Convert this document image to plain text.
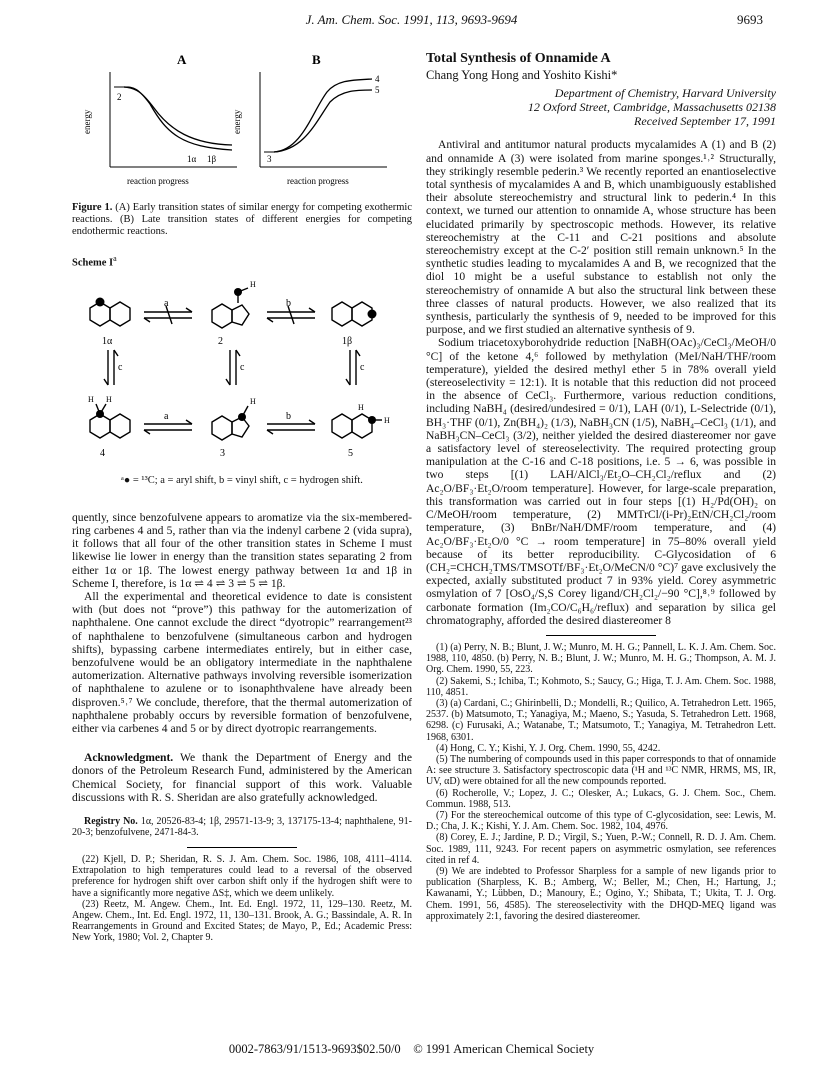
J. Am. Chem. Soc. 1991, 113, 9693-9694	9693
A
energy
2
1α 1β
reaction progress
B
energy
3
4
5
reaction progress

Figure 1. (A) Early transition states of similar energy for competing exothermic reactions. (B) Late transition states of different energies for competing endothermic reactions.

Scheme $I^a$

1α	2	1β
4	3	5
a	b
a	b
c	c	c
H
H
H
H H
H

ᵃ● = ¹³C; a = aryl shift, b = vinyl shift, c = hydrogen shift.

quently, since benzofulvene appears to aromatize via the six-membered-ring carbenes 4 and 5, rather than via the indenyl carbene 2 (vida supra), it follows that all four of the other transition states in Scheme I must likewise lie lower in energy than the transition states separating 2 from either 1α or 1β. The lowest energy pathway between 1α and 1β in Scheme I, therefore, is 1α ⇌ 4 ⇌ 3 ⇌ 5 ⇌ 1β.

All the experimental and theoretical evidence to date is consistent with (but does not “prove”) this pathway for the automerization of naphthalene. One cannot exclude the direct “dyotropic” rearrangement²³ of naphthalene to benzofulvene (simultaneous carbon and hydrogen shifts), bypassing carbene intermediates entirely, but in either case, benzofulvene would be an obligatory intermediate in the naphthalene automerization. Alternative pathways involving reversible isomerization of naphthalene to azulene or to isonaphthvalene have already been disproven.⁵˒⁷ We conclude, therefore, that the thermal automerization of naphthalene probably occurs by reversible formation of benzofulvene, either via carbenes 4 and 5 or by direct dyotropic rearrangements.

Acknowledgment. We thank the Department of Energy and the donors of the Petroleum Research Fund, administered by the American Chemical Society, for financial support of this work. Valuable discussions with R. S. Sheridan are also gratefully acknowledged.

Registry No. 1α, 20526-83-4; 1β, 29571-13-9; 3, 137175-13-4; naphthalene, 91-20-3; benzofulvene, 2471-84-3.

(22) Kjell, D. P.; Sheridan, R. S. J. Am. Chem. Soc. 1986, 108, 4111–4114. Extrapolation to high temperatures could lead to a reversal of the observed preference for hydrogen shift over carbon shift only if the hydrogen shift were to have a significantly more negative ΔS‡, which we deem unlikely.

(23) Reetz, M. Angew. Chem., Int. Ed. Engl. 1972, 11, 129–130. Reetz, M. Angew. Chem., Int. Ed. Engl. 1972, 11, 130–131. Brook, A. G.; Bassindale, A. R. In Rearrangements in Ground and Excited States; de Mayo, P., Ed.; Academic Press: New York, 1980; Vol. 2, Chapter 9.

Total Synthesis of Onnamide A

Chang Yong Hong and Yoshito Kishi*

Department of Chemistry, Harvard University
12 Oxford Street, Cambridge, Massachusetts 02138
Received September 17, 1991

Antiviral and antitumor natural products mycalamides A (1) and B (2) and onnamide A (3) were isolated from marine sponges.¹˒² Structurally, they strikingly resemble pederin.³ We recently reported an enantioselective total synthesis of mycalamides A and B, which unambiguously established their absolute stereochemistry and structural link to pederin.⁴ In this context, we turned our attention to onnamide A, whose structure has been elucidated primarily by spectroscopic methods. However, its relative stereochemistry at the C-11 and C-21 positions and absolute stereochemistry except at the C-2′ position still remain unknown.⁵ In the synthetic studies leading to mycalamides A and B, we recognized that the diol 10 might be a useful substance to establish not only the stereochemistry of onnamide A but also the structural link between these three classes of natural products. However, we also realized that its synthesis, particularly the synthesis of 9, needed to be improved for this purpose, and we first studied an alternative synthesis of 9.

Sodium triacetoxyborohydride reduction [NaBH(OAc)₃/CeCl₃/MeOH/0 °C] of the ketone 4,⁶ followed by methylation (MeI/NaH/THF/room temperature), yielded the desired methyl ether 5 in 78% overall yield (stereoselectivity = 12:1). It is notable that this reduction did not proceed in the absence of CeCl₃. Furthermore, various reduction conditions, including NaBH₄ (desired/undesired = 0/1), LAH (0/1), L-Selectride (0/1), BH₃·THF (0/1), Zn(BH₄)₂ (1/3), NaBH₃CN (1/5), NaBH₄–CeCl₃ (1/1), and NaBH₃CN–CeCl₃ (3/2), neither yielded the desired diastereomer nor gave a satisfactory level of stereoselectivity. The required protecting group manipulation at the C-16 and C-18 positions, i.e. 5 → 6, was possible in two steps [(1) LAH/AlCl₃/Et₂O–CH₂Cl₂/reflux and (2) Ac₂O/BF₃·Et₂O/room temperature]. However, for large-scale preparation, this transformation was carried out in four steps [(1) H₂/Pd(OH)₂ on C/MeOH/room temperature, (2) MMTrCl/(i-Pr)₂EtN/CH₂Cl₂/room temperature, (3) BnBr/NaH/DMF/room temperature, and (4) Ac₂O/BF₃·Et₂O/0 °C → room temperature] in 75–80% overall yield because of its better reproducibility. C-Glycosidation of 6 (CH₂=CHCH₂TMS/TMSOTf/BF₃·Et₂O/MeCN/0 °C)⁷ gave exclusively the expected, axially substituted product 7 in 93% yield. Corey asymmetric osmylation of 7 [OsO₄/S,S Corey ligand/CH₂Cl₂/−90 °C],⁸˒⁹ followed by carbonate formation (Im₂CO/C₆H₆/reflux) and separation by silica gel chromatography, afforded the desired diastereomer 8

(1) (a) Perry, N. B.; Blunt, J. W.; Munro, M. H. G.; Pannell, L. K. J. Am. Chem. Soc. 1988, 110, 4850. (b) Perry, N. B.; Blunt, J. W.; Munro, M. H. G.; Thompson, A. M. J. Org. Chem. 1990, 55, 223.

(2) Sakemi, S.; Ichiba, T.; Kohmoto, S.; Saucy, G.; Higa, T. J. Am. Chem. Soc. 1988, 110, 4851.

(3) (a) Cardani, C.; Ghirinbelli, D.; Mondelli, R.; Quilico, A. Tetrahedron Lett. 1965, 2537. (b) Matsumoto, T.; Yanagiya, M.; Maeno, S.; Yasuda, S. Tetrahedron Lett. 1968, 6298. (c) Furusaki, A.; Watanabe, T.; Matsumoto, T.; Yanagiya, M. Tetrahedron Lett. 1968, 6301.

(4) Hong, C. Y.; Kishi, Y. J. Org. Chem. 1990, 55, 4242.

(5) The numbering of compounds used in this paper corresponds to that of onnamide A: see structure 3. Satisfactory spectroscopic data (¹H and ¹³C NMR, HRMS, MS, IR, UV, αD) were obtained for all the new compounds reported.

(6) Rocherolle, V.; Lopez, J. C.; Olesker, A.; Lukacs, G. J. Chem. Soc., Chem. Commun. 1988, 513.

(7) For the stereochemical outcome of this type of C-glycosidation, see: Lewis, M. D.; Cha, J. K.; Kishi, Y. J. Am. Chem. Soc. 1982, 104, 4976.

(8) Corey, E. J.; Jardine, P. D.; Virgil, S.; Yuen, P.-W.; Connell, R. D. J. Am. Chem. Soc. 1989, 111, 9243. For recent papers on asymmetric osmylation, see references cited in ref 4.

(9) We are indebted to Professor Sharpless for a sample of new ligands prior to publication (Sharpless, K. B.; Amberg, W.; Beller, M.; Chen, H.; Hartung, J.; Kawanami, Y.; Lübben, D.; Manoury, E.; Ogino, Y.; Shibata, T.; Ukita, T. J. Org. Chem. 1991, 56, 4585). The stereoselectivity with the DHQD-MEQ ligand was approximately 2:1, favoring the desired diastereomer.

0002-7863/91/1513-9693$02.50/0 © 1991 American Chemical Society
